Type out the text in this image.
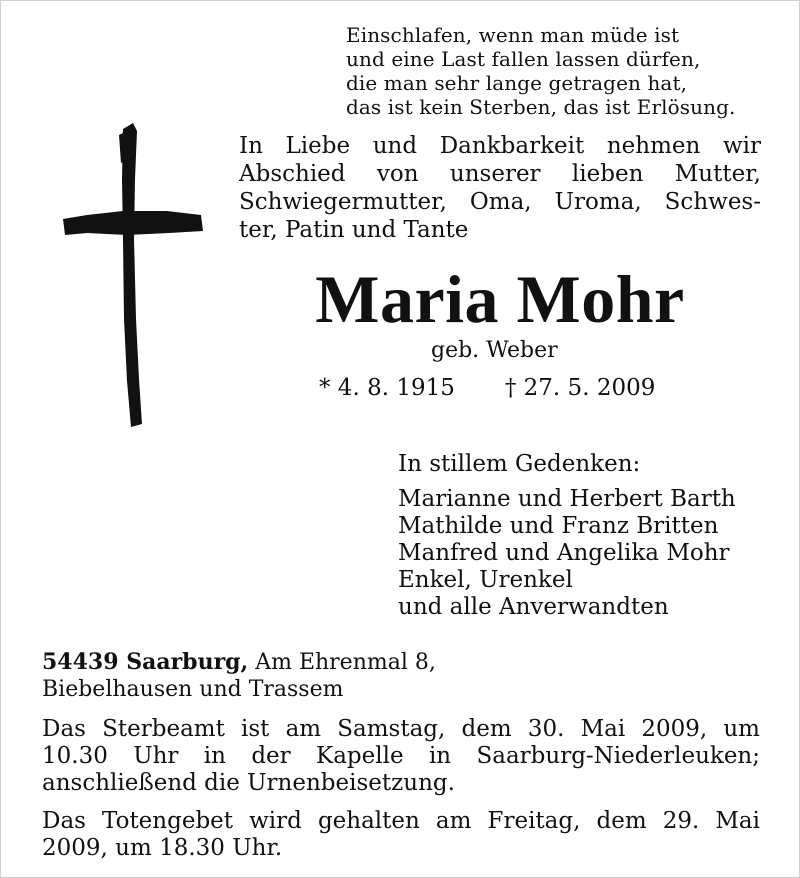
Einschlafen, wenn man müde ist
und eine Last fallen lassen dürfen,
die man sehr lange getragen hat,
das ist kein Sterben, das ist Erlösung.
In Liebe und Dankbarkeit nehmen wir
Abschied von unserer lieben Mutter,
Schwiegermutter, Oma, Uroma, Schwes-
ter, Patin und Tante
Maria Mohr
geb. Weber
* 4. 8. 1915 † 27. 5. 2009
In stillem Gedenken:
Marianne und Herbert Barth
Mathilde und Franz Britten
Manfred und Angelika Mohr
Enkel, Urenkel
und alle Anverwandten
54439 Saarburg, Am Ehrenmal 8,
Biebelhausen und Trassem
Das Sterbeamt ist am Samstag, dem 30. Mai 2009, um
10.30 Uhr in der Kapelle in Saarburg-Niederleuken;
anschließend die Urnenbeisetzung.
Das Totengebet wird gehalten am Freitag, dem 29. Mai
2009, um 18.30 Uhr.
